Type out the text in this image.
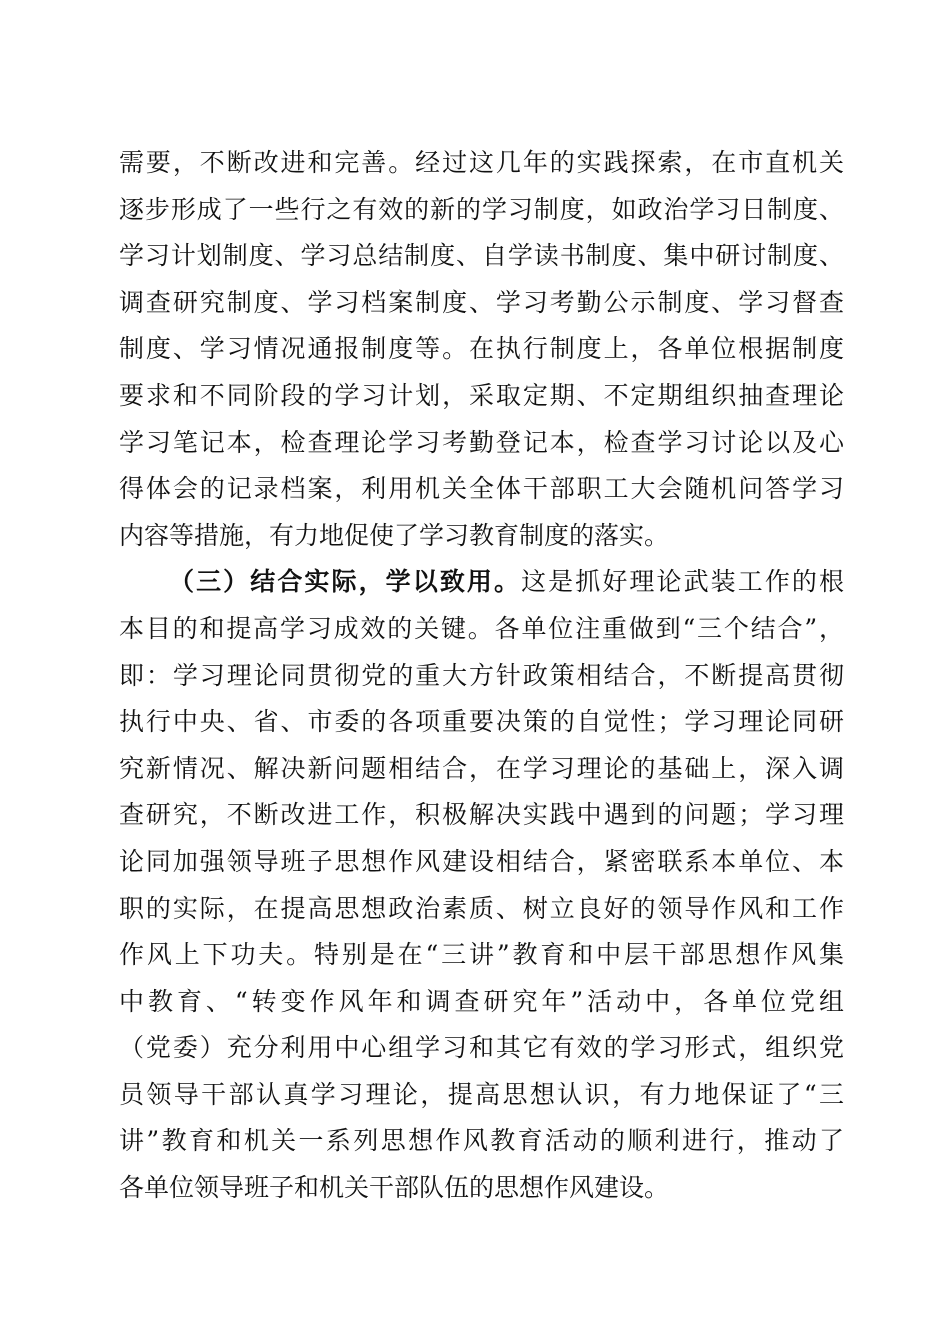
需要，不断改进和完善。经过这几年的实践探索，在市直机关
逐步形成了一些行之有效的新的学习制度，如政治学习日制度、
学习计划制度、学习总结制度、自学读书制度、集中研讨制度、
调查研究制度、学习档案制度、学习考勤公示制度、学习督查
制度、学习情况通报制度等。在执行制度上，各单位根据制度
要求和不同阶段的学习计划，采取定期、不定期组织抽查理论
学习笔记本，检查理论学习考勤登记本，检查学习讨论以及心
得体会的记录档案，利用机关全体干部职工大会随机问答学习
内容等措施，有力地促使了学习教育制度的落实。
（三）结合实际，学以致用。这是抓好理论武装工作的根
本目的和提高学习成效的关键。各单位注重做到“三个结合”，
即：学习理论同贯彻党的重大方针政策相结合，不断提高贯彻
执行中央、省、市委的各项重要决策的自觉性；学习理论同研
究新情况、解决新问题相结合，在学习理论的基础上，深入调
查研究，不断改进工作，积极解决实践中遇到的问题；学习理
论同加强领导班子思想作风建设相结合，紧密联系本单位、本
职的实际，在提高思想政治素质、树立良好的领导作风和工作
作风上下功夫。特别是在“三讲”教育和中层干部思想作风集
中教育、“转变作风年和调查研究年”活动中，各单位党组
（党委）充分利用中心组学习和其它有效的学习形式，组织党
员领导干部认真学习理论，提高思想认识，有力地保证了“三
讲”教育和机关一系列思想作风教育活动的顺利进行，推动了
各单位领导班子和机关干部队伍的思想作风建设。
